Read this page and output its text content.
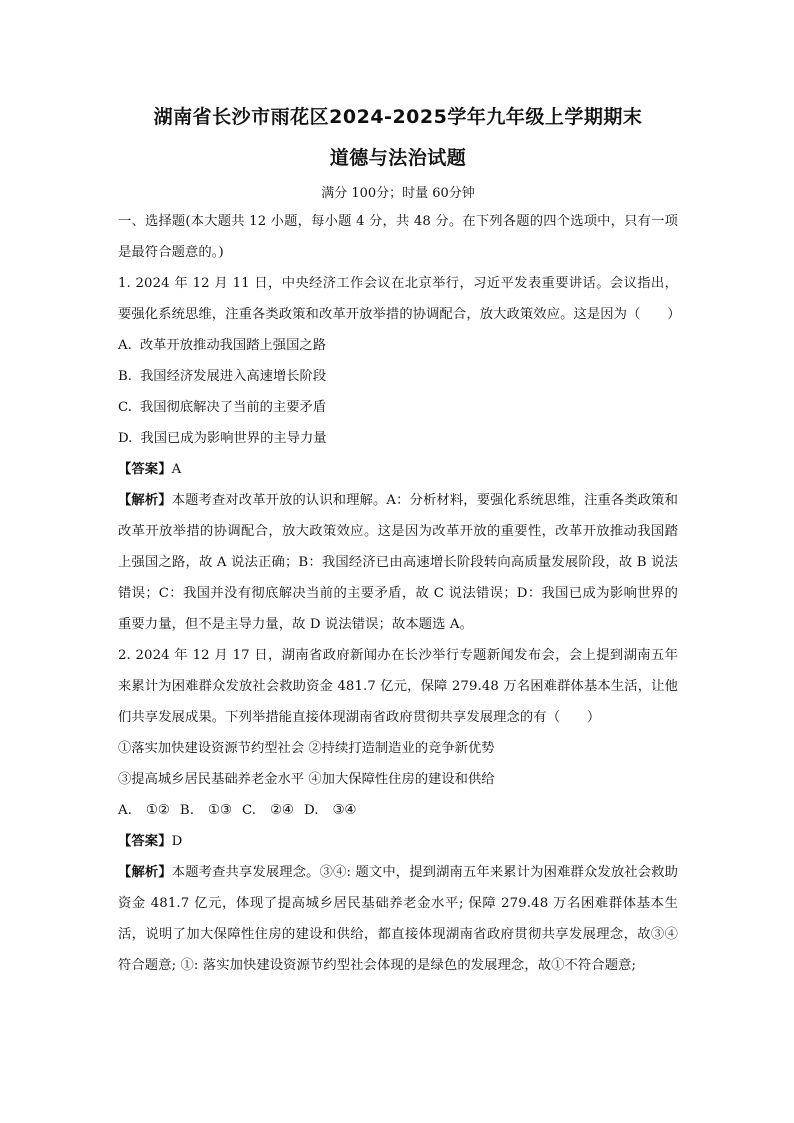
湖南省长沙市雨花区2024-2025学年九年级上学期期末
道德与法治试题
满分 100分；时量 60分钟

一、选择题(本大题共 12 小题，每小题 4 分，共 48 分。在下列各题的四个选项中，只有一项是最符合题意的。)

1. 2024 年 12 月 11 日，中央经济工作会议在北京举行，习近平发表重要讲话。会议指出，要强化系统思维，注重各类政策和改革开放举措的协调配合，放大政策效应。这是因为（　　）

A. 改革开放推动我国踏上强国之路

B. 我国经济发展进入高速增长阶段

C. 我国彻底解决了当前的主要矛盾

D. 我国已成为影响世界的主导力量

【答案】A

【解析】本题考查对改革开放的认识和理解。A：分析材料，要强化系统思维，注重各类政策和改革开放举措的协调配合，放大政策效应。这是因为改革开放的重要性，改革开放推动我国踏上强国之路，故 A 说法正确；B：我国经济已由高速增长阶段转向高质量发展阶段，故 B 说法错误；C：我国并没有彻底解决当前的主要矛盾，故 C 说法错误；D：我国已成为影响世界的重要力量，但不是主导力量，故 D 说法错误；故本题选 A。

2. 2024 年 12 月 17 日，湖南省政府新闻办在长沙举行专题新闻发布会，会上提到湖南五年来累计为困难群众发放社会救助资金 481.7 亿元，保障 279.48 万名困难群体基本生活，让他们共享发展成果。下列举措能直接体现湖南省政府贯彻共享发展理念的有（　　）

①落实加快建设资源节约型社会 ②持续打造制造业的竞争新优势

③提高城乡居民基础养老金水平 ④加大保障性住房的建设和供给

A. ①② B. ①③ C. ②④ D. ③④

【答案】D

【解析】本题考查共享发展理念。③④: 题文中，提到湖南五年来累计为困难群众发放社会救助资金 481.7 亿元，体现了提高城乡居民基础养老金水平; 保障 279.48 万名困难群体基本生活，说明了加大保障性住房的建设和供给，都直接体现湖南省政府贯彻共享发展理念，故③④符合题意; ①: 落实加快建设资源节约型社会体现的是绿色的发展理念，故①不符合题意;
